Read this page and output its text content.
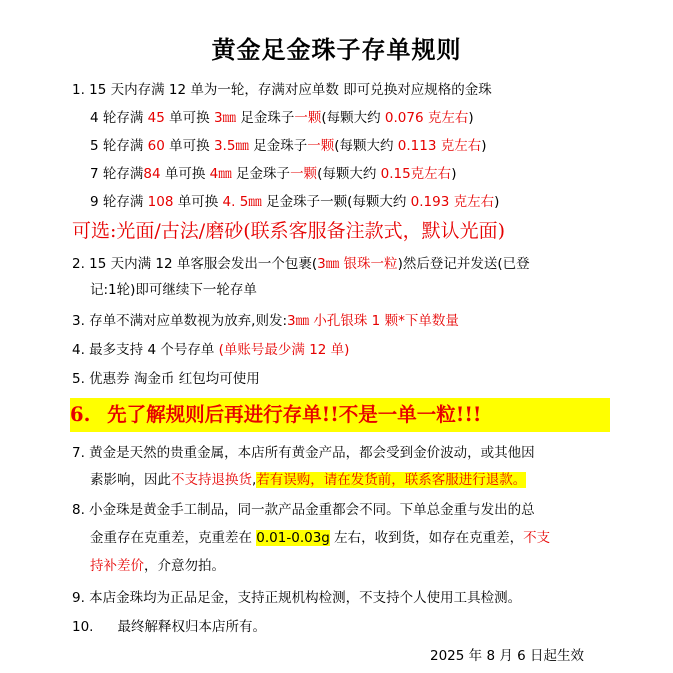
黄金足金珠子存单规则
1. 15 天内存满 12 单为一轮，存满对应单数 即可兑换对应规格的金珠
4 轮存满 45 单可换 3㎜ 足金珠子一颗(每颗大约 0.076 克左右)
5 轮存满 60 单可换 3.5㎜ 足金珠子一颗(每颗大约 0.113 克左右)
7 轮存满84 单可换 4㎜ 足金珠子一颗(每颗大约 0.15克左右)
9 轮存满 108 单可换 4. 5㎜ 足金珠子一颗(每颗大约 0.193 克左右)
可选:光面/古法/磨砂(联系客服备注款式，默认光面)
2. 15 天内满 12 单客服会发出一个包裹(3㎜ 银珠一粒)然后登记并发送(已登
记:1轮)即可继续下一轮存单
3. 存单不满对应单数视为放弃,则发:3㎜ 小孔银珠 1 颗*下单数量
4. 最多支持 4 个号存单 (单账号最少满 12 单)
5. 优惠券 淘金币 红包均可使用
6. 先了解规则后再进行存单!!不是一单一粒!!!
7. 黄金是天然的贵重金属，本店所有黄金产品，都会受到金价波动，或其他因
素影响，因此不支持退换货,若有误购，请在发货前，联系客服进行退款。
8. 小金珠是黄金手工制品，同一款产品金重都会不同。下单总金重与发出的总
金重存在克重差，克重差在 0.01-0.03g 左右，收到货，如存在克重差，不支
持补差价，介意勿拍。
9. 本店金珠均为正品足金，支持正规机构检测，不支持个人使用工具检测。
10. 最终解释权归本店所有。
2025 年 8 月 6 日起生效
